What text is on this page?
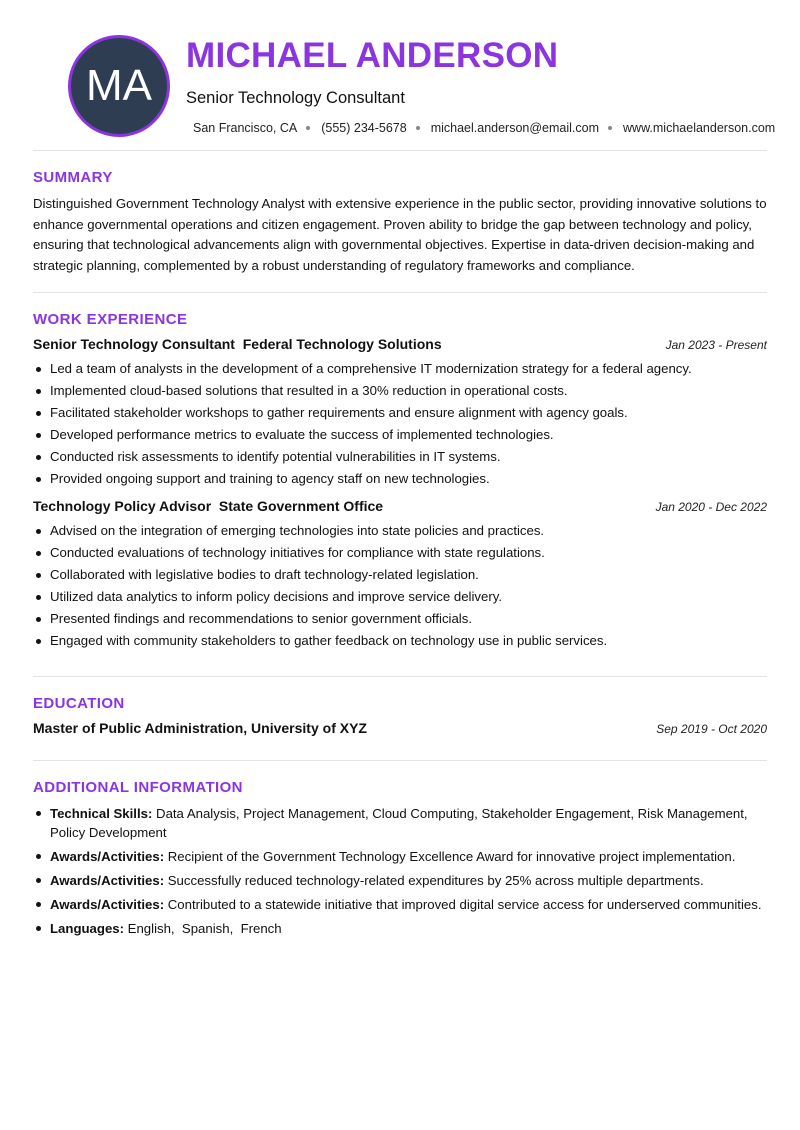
MA
MICHAEL ANDERSON
Senior Technology Consultant
San Francisco, CA (555) 234-5678 michael.anderson@email.com www.michaelanderson.com
SUMMARY

Distinguished Government Technology Analyst with extensive experience in the public sector, providing innovative solutions to enhance governmental operations and citizen engagement. Proven ability to bridge the gap between technology and policy, ensuring that technological advancements align with governmental objectives. Expertise in data-driven decision-making and strategic planning, complemented by a robust understanding of regulatory frameworks and compliance.

WORK EXPERIENCE
Senior Technology Consultant  Federal Technology Solutions	Jan 2023 - Present
Led a team of analysts in the development of a comprehensive IT modernization strategy for a federal agency.
Implemented cloud-based solutions that resulted in a 30% reduction in operational costs.
Facilitated stakeholder workshops to gather requirements and ensure alignment with agency goals.
Developed performance metrics to evaluate the success of implemented technologies.
Conducted risk assessments to identify potential vulnerabilities in IT systems.
Provided ongoing support and training to agency staff on new technologies.
Technology Policy Advisor  State Government Office	Jan 2020 - Dec 2022
Advised on the integration of emerging technologies into state policies and practices.
Conducted evaluations of technology initiatives for compliance with state regulations.
Collaborated with legislative bodies to draft technology-related legislation.
Utilized data analytics to inform policy decisions and improve service delivery.
Presented findings and recommendations to senior government officials.
Engaged with community stakeholders to gather feedback on technology use in public services.
EDUCATION
Master of Public Administration, University of XYZ	Sep 2019 - Oct 2020
ADDITIONAL INFORMATION
Technical Skills: Data Analysis, Project Management, Cloud Computing, Stakeholder Engagement, Risk Management, Policy Development
Awards/Activities: Recipient of the Government Technology Excellence Award for innovative project implementation.
Awards/Activities: Successfully reduced technology-related expenditures by 25% across multiple departments.
Awards/Activities: Contributed to a statewide initiative that improved digital service access for underserved communities.
Languages: English,  Spanish,  French
